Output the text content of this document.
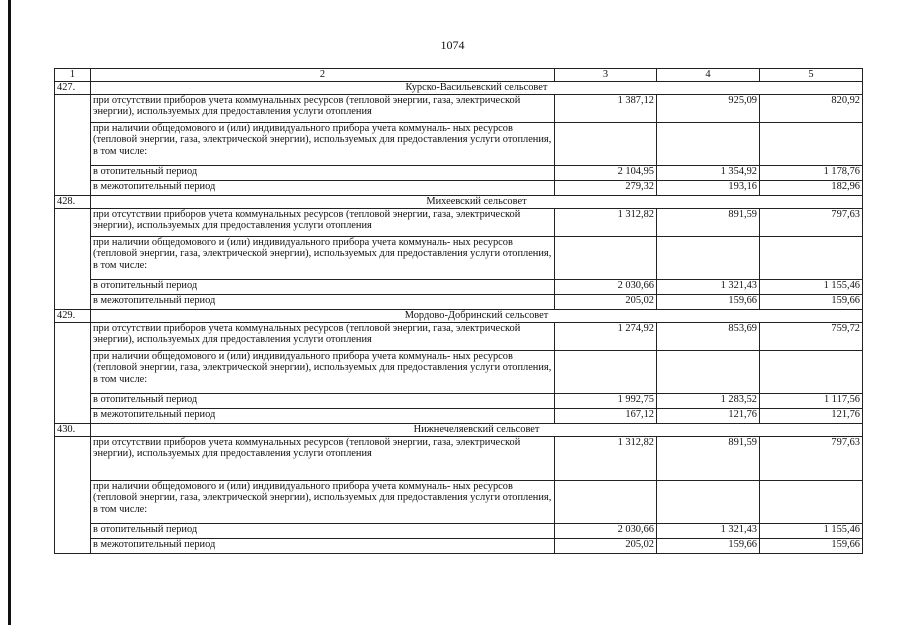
1074
1	2	3	4	5
427.	Курско-Васильевский сельсовет			
	при отсутствии приборов учета коммунальных ресурсов (тепловой энергии, газа, электрической энергии), используемых для предоставления услуги отопления	1 387,12	925,09	820,92
	при наличии общедомового и (или) индивидуального прибора учета коммуналь- ных ресурсов (тепловой энергии, газа, электрической энергии), используемых для предоставления услуги отопления, в том числе:			
	в отопительный период	2 104,95	1 354,92	1 178,76
	в межотопительный период	279,32	193,16	182,96
428.	Михеевский сельсовет			
	при отсутствии приборов учета коммунальных ресурсов (тепловой энергии, газа, электрической энергии), используемых для предоставления услуги отопления	1 312,82	891,59	797,63
	при наличии общедомового и (или) индивидуального прибора учета коммуналь- ных ресурсов (тепловой энергии, газа, электрической энергии), используемых для предоставления услуги отопления, в том числе:			
	в отопительный период	2 030,66	1 321,43	1 155,46
	в межотопительный период	205,02	159,66	159,66
429.	Мордово-Добринский сельсовет			
	при отсутствии приборов учета коммунальных ресурсов (тепловой энергии, газа, электрической энергии), используемых для предоставления услуги отопления	1 274,92	853,69	759,72
	при наличии общедомового и (или) индивидуального прибора учета коммуналь- ных ресурсов (тепловой энергии, газа, электрической энергии), используемых для предоставления услуги отопления, в том числе:			
	в отопительный период	1 992,75	1 283,52	1 117,56
	в межотопительный период	167,12	121,76	121,76
430.	Нижнечеляевский сельсовет			
	при отсутствии приборов учета коммунальных ресурсов (тепловой энергии, газа, электрической энергии), используемых для предоставления услуги отопления	1 312,82	891,59	797,63
	при наличии общедомового и (или) индивидуального прибора учета коммуналь- ных ресурсов (тепловой энергии, газа, электрической энергии), используемых для предоставления услуги отопления, в том числе:			
	в отопительный период	2 030,66	1 321,43	1 155,46
	в межотопительный период	205,02	159,66	159,66
